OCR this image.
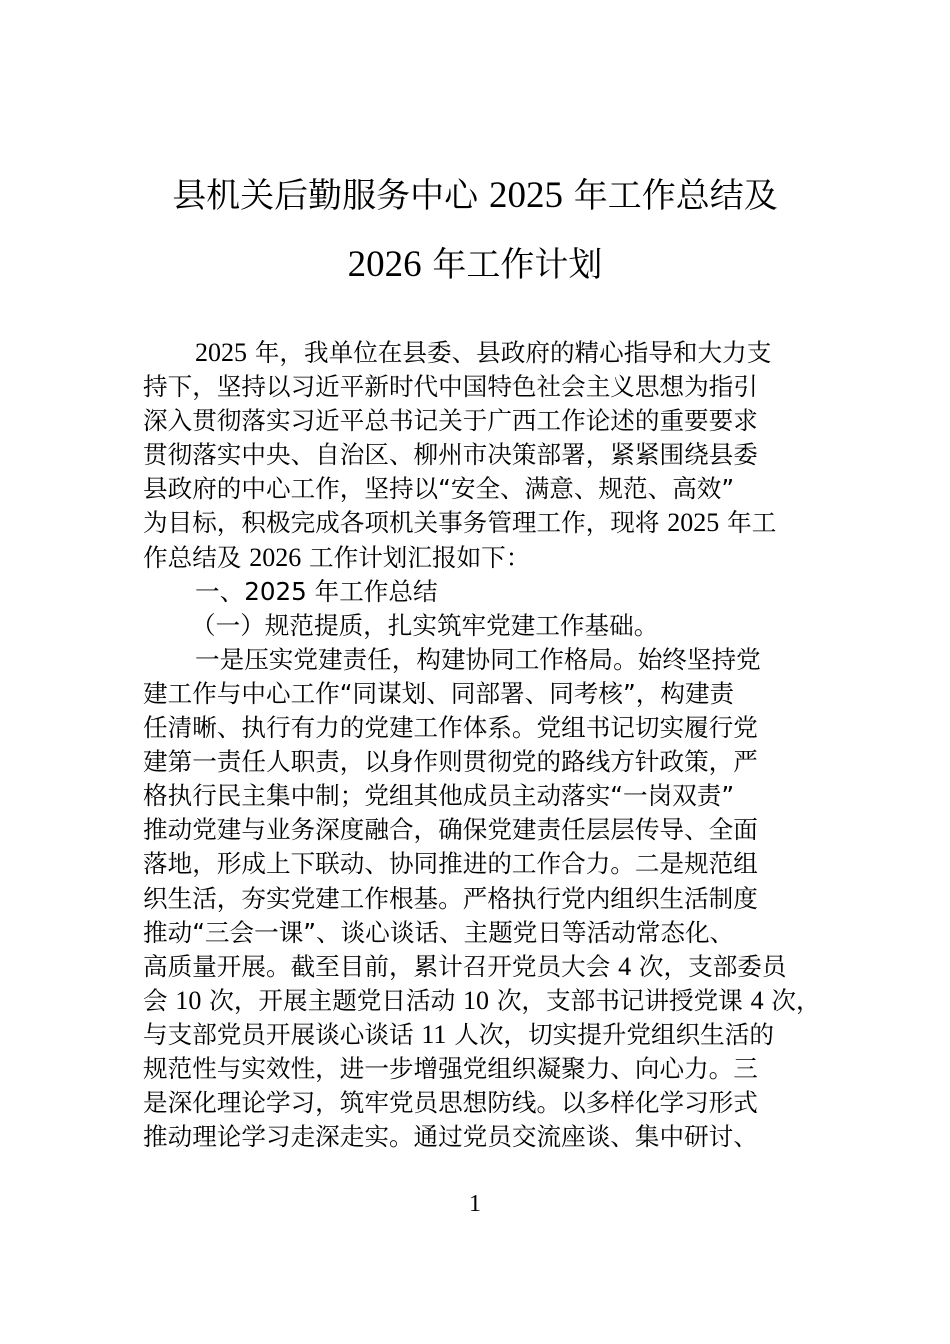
县机关后勤服务中心 2025 年工作总结及
2026 年工作计划
2025 年，我单位在县委、县政府的精心指导和大力支
持下，坚持以习近平新时代中国特色社会主义思想为指引
深入贯彻落实习近平总书记关于广西工作论述的重要要求
贯彻落实中央、自治区、柳州市决策部署，紧紧围绕县委
县政府的中心工作，坚持以“安全、满意、规范、高效”
为目标，积极完成各项机关事务管理工作，现将 2025 年工
作总结及 2026 工作计划汇报如下：
一、2025 年工作总结
（一）规范提质，扎实筑牢党建工作基础。
一是压实党建责任，构建协同工作格局。始终坚持党
建工作与中心工作“同谋划、同部署、同考核”，构建责
任清晰、执行有力的党建工作体系。党组书记切实履行党
建第一责任人职责，以身作则贯彻党的路线方针政策，严
格执行民主集中制；党组其他成员主动落实“一岗双责”
推动党建与业务深度融合，确保党建责任层层传导、全面
落地，形成上下联动、协同推进的工作合力。二是规范组
织生活，夯实党建工作根基。严格执行党内组织生活制度
推动“三会一课”、谈心谈话、主题党日等活动常态化、
高质量开展。截至目前，累计召开党员大会 4 次，支部委员
会 10 次，开展主题党日活动 10 次，支部书记讲授党课 4 次，
与支部党员开展谈心谈话 11 人次，切实提升党组织生活的
规范性与实效性，进一步增强党组织凝聚力、向心力。三
是深化理论学习，筑牢党员思想防线。以多样化学习形式
推动理论学习走深走实。通过党员交流座谈、集中研讨、
1
